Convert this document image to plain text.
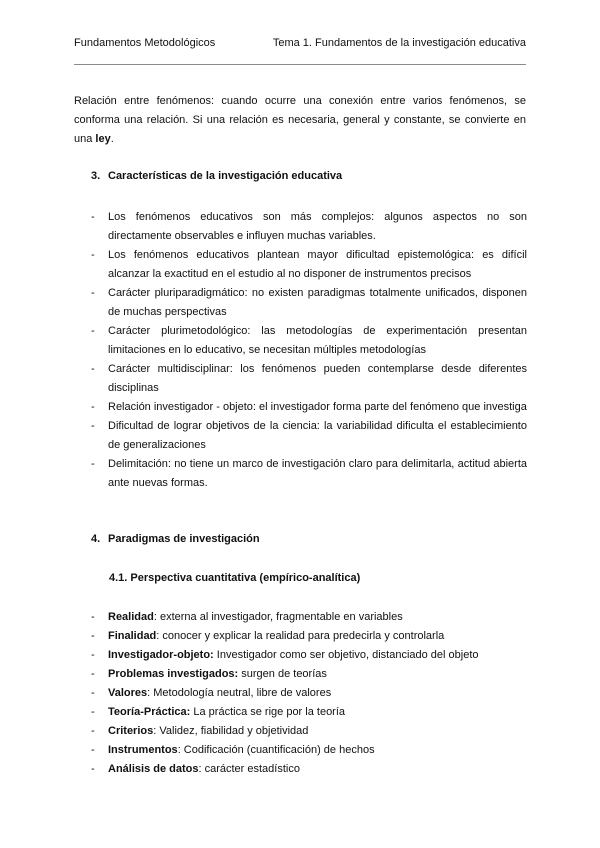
Fundamentos Metodológicos	Tema 1. Fundamentos de la investigación educativa

Relación entre fenómenos: cuando ocurre una conexión entre varios fenómenos, se conforma una relación. Si una relación es necesaria, general y constante, se convierte en una ley.

3. Características de la investigación educativa
- Los fenómenos educativos son más complejos: algunos aspectos no son directamente observables e influyen muchas variables.
- Los fenómenos educativos plantean mayor dificultad epistemológica: es difícil alcanzar la exactitud en el estudio al no disponer de instrumentos precisos
- Carácter pluriparadigmático: no existen paradigmas totalmente unificados, disponen de muchas perspectivas
- Carácter plurimetodológico: las metodologías de experimentación presentan limitaciones en lo educativo, se necesitan múltiples metodologías
- Carácter multidisciplinar: los fenómenos pueden contemplarse desde diferentes disciplinas
- Relación investigador - objeto: el investigador forma parte del fenómeno que investiga
- Dificultad de lograr objetivos de la ciencia: la variabilidad dificulta el establecimiento de generalizaciones
- Delimitación: no tiene un marco de investigación claro para delimitarla, actitud abierta ante nuevas formas.
4. Paradigmas de investigación
4.1. Perspectiva cuantitativa (empírico-analítica)
- Realidad: externa al investigador, fragmentable en variables
- Finalidad: conocer y explicar la realidad para predecirla y controlarla
- Investigador-objeto: Investigador como ser objetivo, distanciado del objeto
- Problemas investigados: surgen de teorías
- Valores: Metodología neutral, libre de valores
- Teoría-Práctica: La práctica se rige por la teoría
- Criterios: Validez, fiabilidad y objetividad
- Instrumentos: Codificación (cuantificación) de hechos
- Análisis de datos: carácter estadístico
